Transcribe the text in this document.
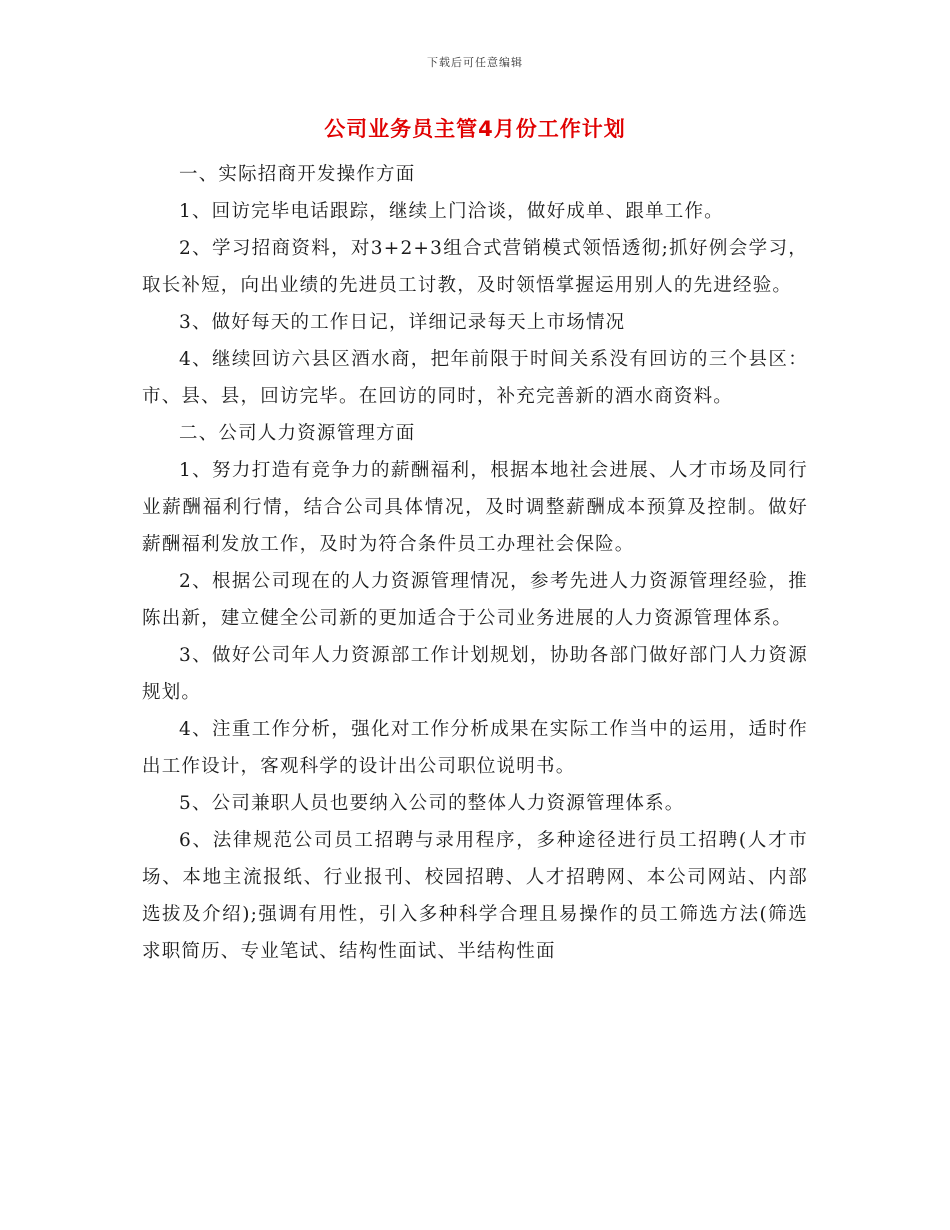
下载后可任意编辑
公司业务员主管4月份工作计划

一、实际招商开发操作方面

1、回访完毕电话跟踪，继续上门洽谈，做好成单、跟单工作。

2、学习招商资料，对3+2+3组合式营销模式领悟透彻;抓好例会学习，取长补短，向出业绩的先进员工讨教，及时领悟掌握运用别人的先进经验。

3、做好每天的工作日记，详细记录每天上市场情况

4、继续回访六县区酒水商，把年前限于时间关系没有回访的三个县区：市、县、县，回访完毕。在回访的同时，补充完善新的酒水商资料。

二、公司人力资源管理方面

1、努力打造有竞争力的薪酬福利，根据本地社会进展、人才市场及同行业薪酬福利行情，结合公司具体情况，及时调整薪酬成本预算及控制。做好薪酬福利发放工作，及时为符合条件员工办理社会保险。

2、根据公司现在的人力资源管理情况，参考先进人力资源管理经验，推陈出新，建立健全公司新的更加适合于公司业务进展的人力资源管理体系。

3、做好公司年人力资源部工作计划规划，协助各部门做好部门人力资源规划。

4、注重工作分析，强化对工作分析成果在实际工作当中的运用，适时作出工作设计，客观科学的设计出公司职位说明书。

5、公司兼职人员也要纳入公司的整体人力资源管理体系。

6、法律规范公司员工招聘与录用程序，多种途径进行员工招聘(人才市场、本地主流报纸、行业报刊、校园招聘、人才招聘网、本公司网站、内部选拔及介绍);强调有用性，引入多种科学合理且易操作的员工筛选方法(筛选求职简历、专业笔试、结构性面试、半结构性面
